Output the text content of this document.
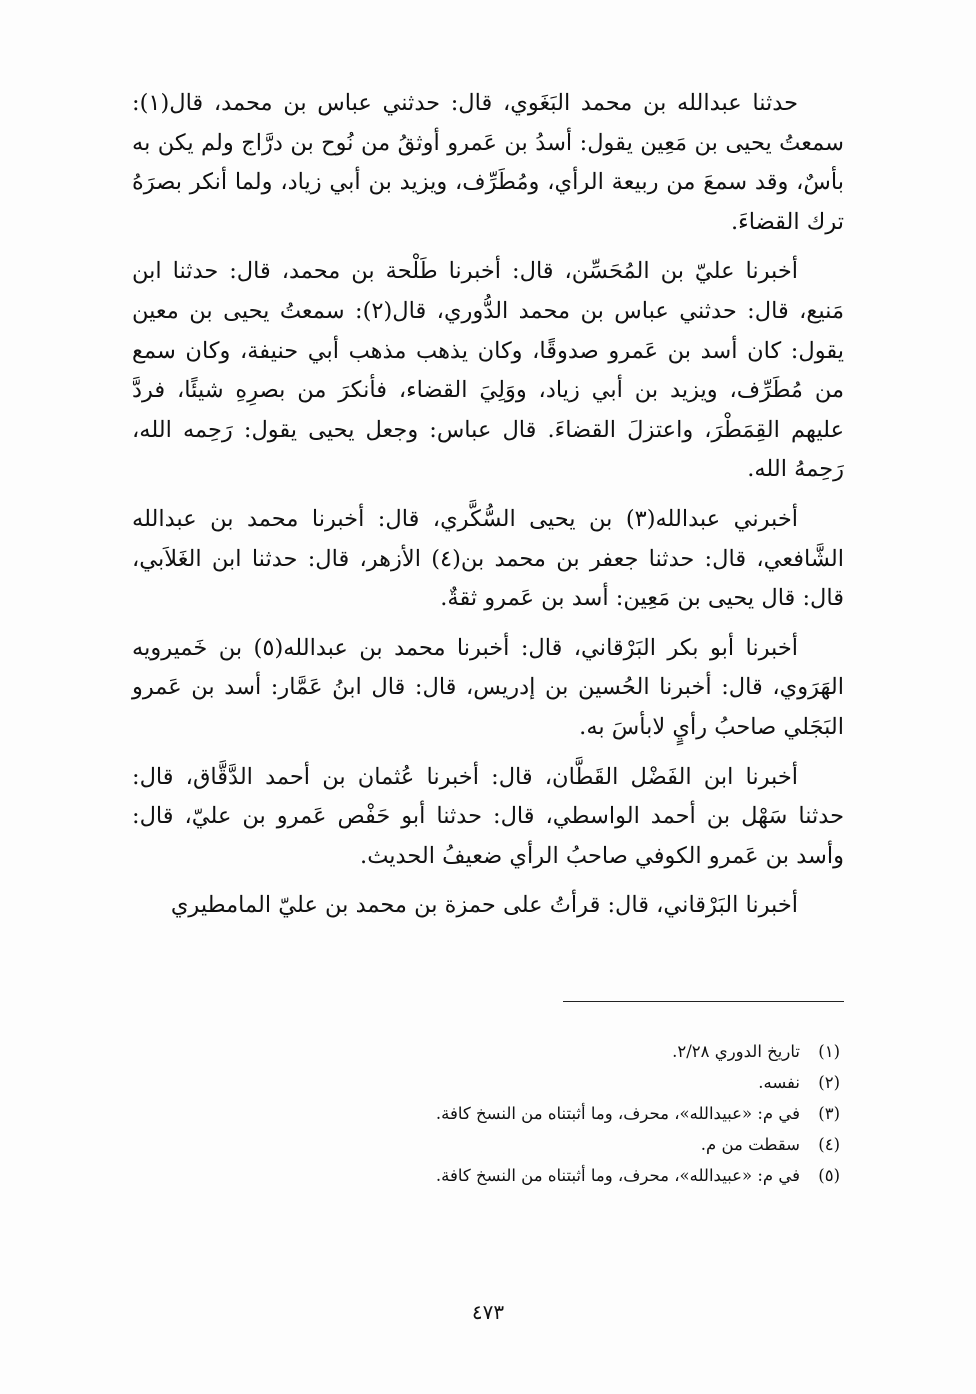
حدثنا عبدالله بن محمد البَغَوي، قال: حدثني عباس بن محمد، قال(١): سمعتُ يحيى بن مَعِين يقول: أسدُ بن عَمرو أوثقُ من نُوح بن درَّاج ولم يكن به بأسٌ، وقد سمعَ من ربيعة الرأي، ومُطَرِّف، ويزيد بن أبي زياد، ولما أنكر بصرَهُ ترك القضاءَ.

أخبرنا عليّ بن المُحَسِّن، قال: أخبرنا طَلْحة بن محمد، قال: حدثنا ابن مَنيع، قال: حدثني عباس بن محمد الدُّوري، قال(٢): سمعتُ يحيى بن معين يقول: كان أسد بن عَمرو صدوقًا، وكان يذهب مذهب أبي حنيفة، وكان سمع من مُطَرِّف، ويزيد بن أبي زياد، ووَلِيَ القضاء، فأنكرَ من بصرِهِ شيئًا، فردَّ عليهم القِمَطْرَ، واعتزلَ القضاءَ. قال عباس: وجعل يحيى يقول: رَحِمه الله، رَحِمهُ الله.

أخبرني عبدالله(٣) بن يحيى السُّكَّري، قال: أخبرنا محمد بن عبدالله الشَّافعي، قال: حدثنا جعفر بن محمد بن(٤) الأزهر، قال: حدثنا ابن الغَلاَبي، قال: قال يحيى بن مَعِين: أسد بن عَمرو ثقةٌ.

أخبرنا أبو بكر البَرْقاني، قال: أخبرنا محمد بن عبدالله(٥) بن خَميرويه الهَرَوي، قال: أخبرنا الحُسين بن إدريس، قال: قال ابنُ عَمَّار: أسد بن عَمرو البَجَلي صاحبُ رأيٍ لابأسَ به.

أخبرنا ابن الفَضْل القَطَّان، قال: أخبرنا عُثمان بن أحمد الدَّقَّاق، قال: حدثنا سَهْل بن أحمد الواسطي، قال: حدثنا أبو حَفْص عَمرو بن عليّ، قال: وأسد بن عَمرو الكوفي صاحبُ الرأي ضعيفُ الحديث.

أخبرنا البَرْقاني، قال: قرأتُ على حمزة بن محمد بن عليّ المامطيري

(١)
تاريخ الدوري ٢/٢٨.
(٢)
نفسه.
(٣)
في م: «عبيدالله»، محرف، وما أثبتناه من النسخ كافة.
(٤)
سقطت من م.
(٥)
في م: «عبيدالله»، محرف، وما أثبتناه من النسخ كافة.
٤٧٣
